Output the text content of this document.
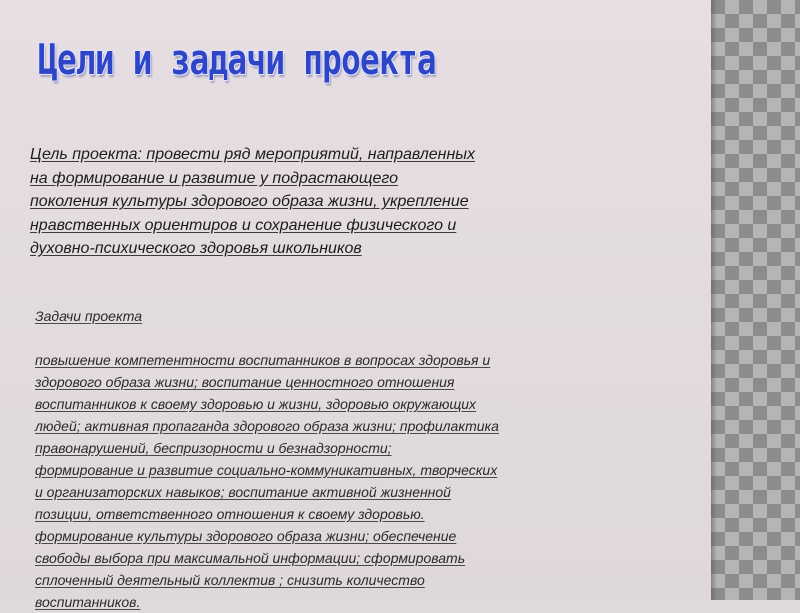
Цели и задачи проекта

Цель проекта: провести ряд мероприятий, направленных
на формирование и развитие у подрастающего
поколения культуры здорового образа жизни, укрепление
нравственных ориентиров и сохранение физического и
духовно-психического здоровья школьников

Задачи проекта

повышение компетентности воспитанников в вопросах здоровья и
здорового образа жизни; воспитание ценностного отношения
воспитанников к своему здоровью и жизни, здоровью окружающих
людей; активная пропаганда здорового образа жизни; профилактика
правонарушений, беспризорности и безнадзорности;
формирование и развитие социально-коммуникативных, творческих
и организаторских навыков; воспитание активной жизненной
позиции, ответственного отношения к своему здоровью.
формирование культуры здорового образа жизни; обеспечение
свободы выбора при максимальной информации; сформировать
сплоченный деятельный коллектив ; снизить количество
воспитанников.
